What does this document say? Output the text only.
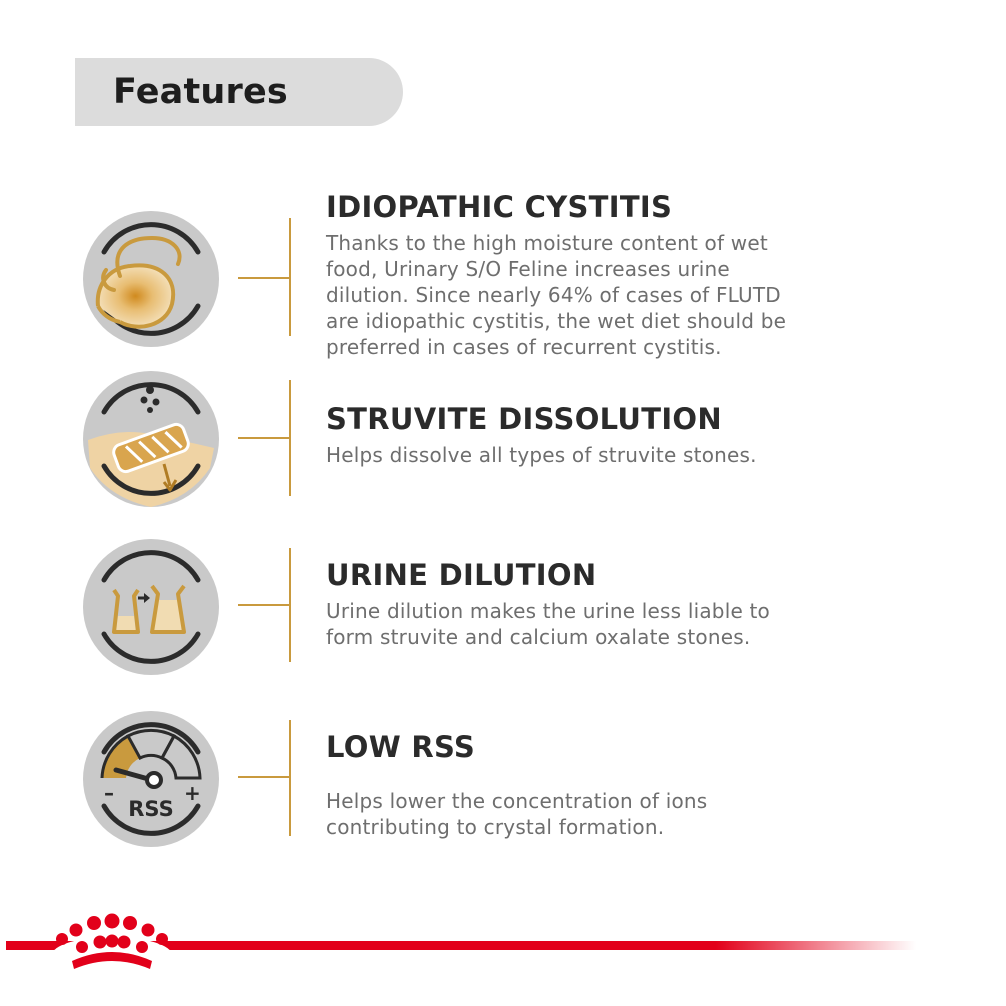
Features
IDIOPATHIC CYSTITIS
Thanks to the high moisture content of wet
food, Urinary S/O Feline increases urine
dilution. Since nearly 64% of cases of FLUTD
are idiopathic cystitis, the wet diet should be
preferred in cases of recurrent cystitis.
STRUVITE DISSOLUTION
Helps dissolve all types of struvite stones.
URINE DILUTION
Urine dilution makes the urine less liable to
form struvite and calcium oxalate stones.
–	+
RSS
LOW RSS
Helps lower the concentration of ions
contributing to crystal formation.
